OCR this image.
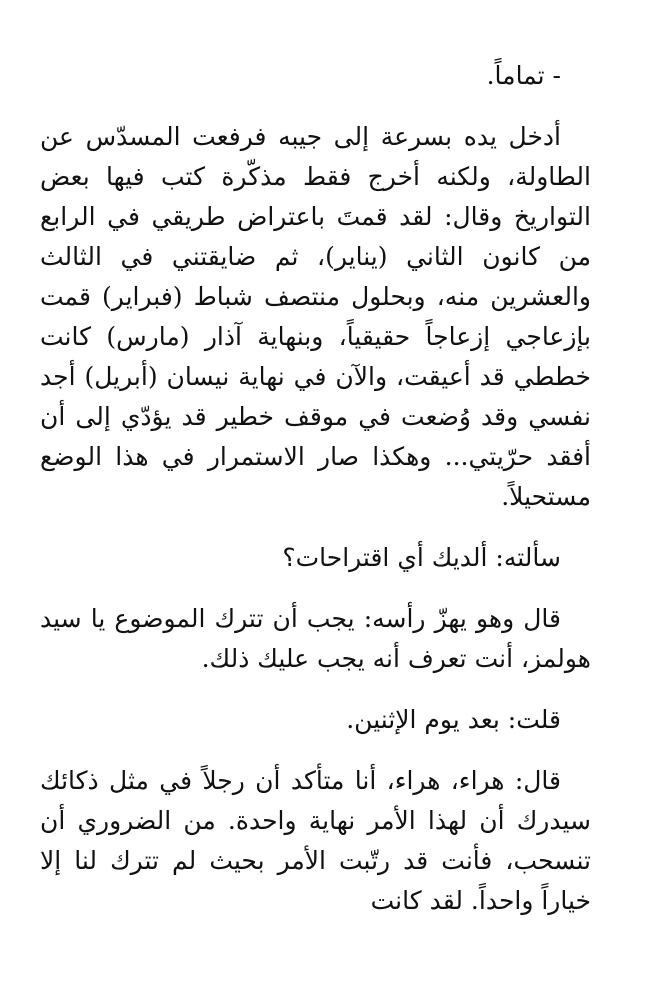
- تماماً.

أدخل يده بسرعة إلى جيبه فرفعت المسدّس عن الطاولة، ولكنه أخرج فقط مذكّرة كتب فيها بعض التواريخ وقال: لقد قمتَ باعتراض طريقي في الرابع من كانون الثاني (يناير)، ثم ضايقتني في الثالث والعشرين منه، وبحلول منتصف شباط (فبراير) قمت بإزعاجي إزعاجاً حقيقياً، وبنهاية آذار (مارس) كانت خططي قد أعيقت، والآن في نهاية نيسان (أبريل) أجد نفسي وقد وُضعت في موقف خطير قد يؤدّي إلى أن أفقد حرّيتي... وهكذا صار الاستمرار في هذا الوضع مستحيلاً.

سألته: ألديك أي اقتراحات؟

قال وهو يهزّ رأسه: يجب أن تترك الموضوع يا سيد هولمز، أنت تعرف أنه يجب عليك ذلك.

قلت: بعد يوم الإثنين.

قال: هراء، هراء، أنا متأكد أن رجلاً في مثل ذكائك سيدرك أن لهذا الأمر نهاية واحدة. من الضروري أن تنسحب، فأنت قد رتّبت الأمر بحيث لم تترك لنا إلا خياراً واحداً. لقد كانت
